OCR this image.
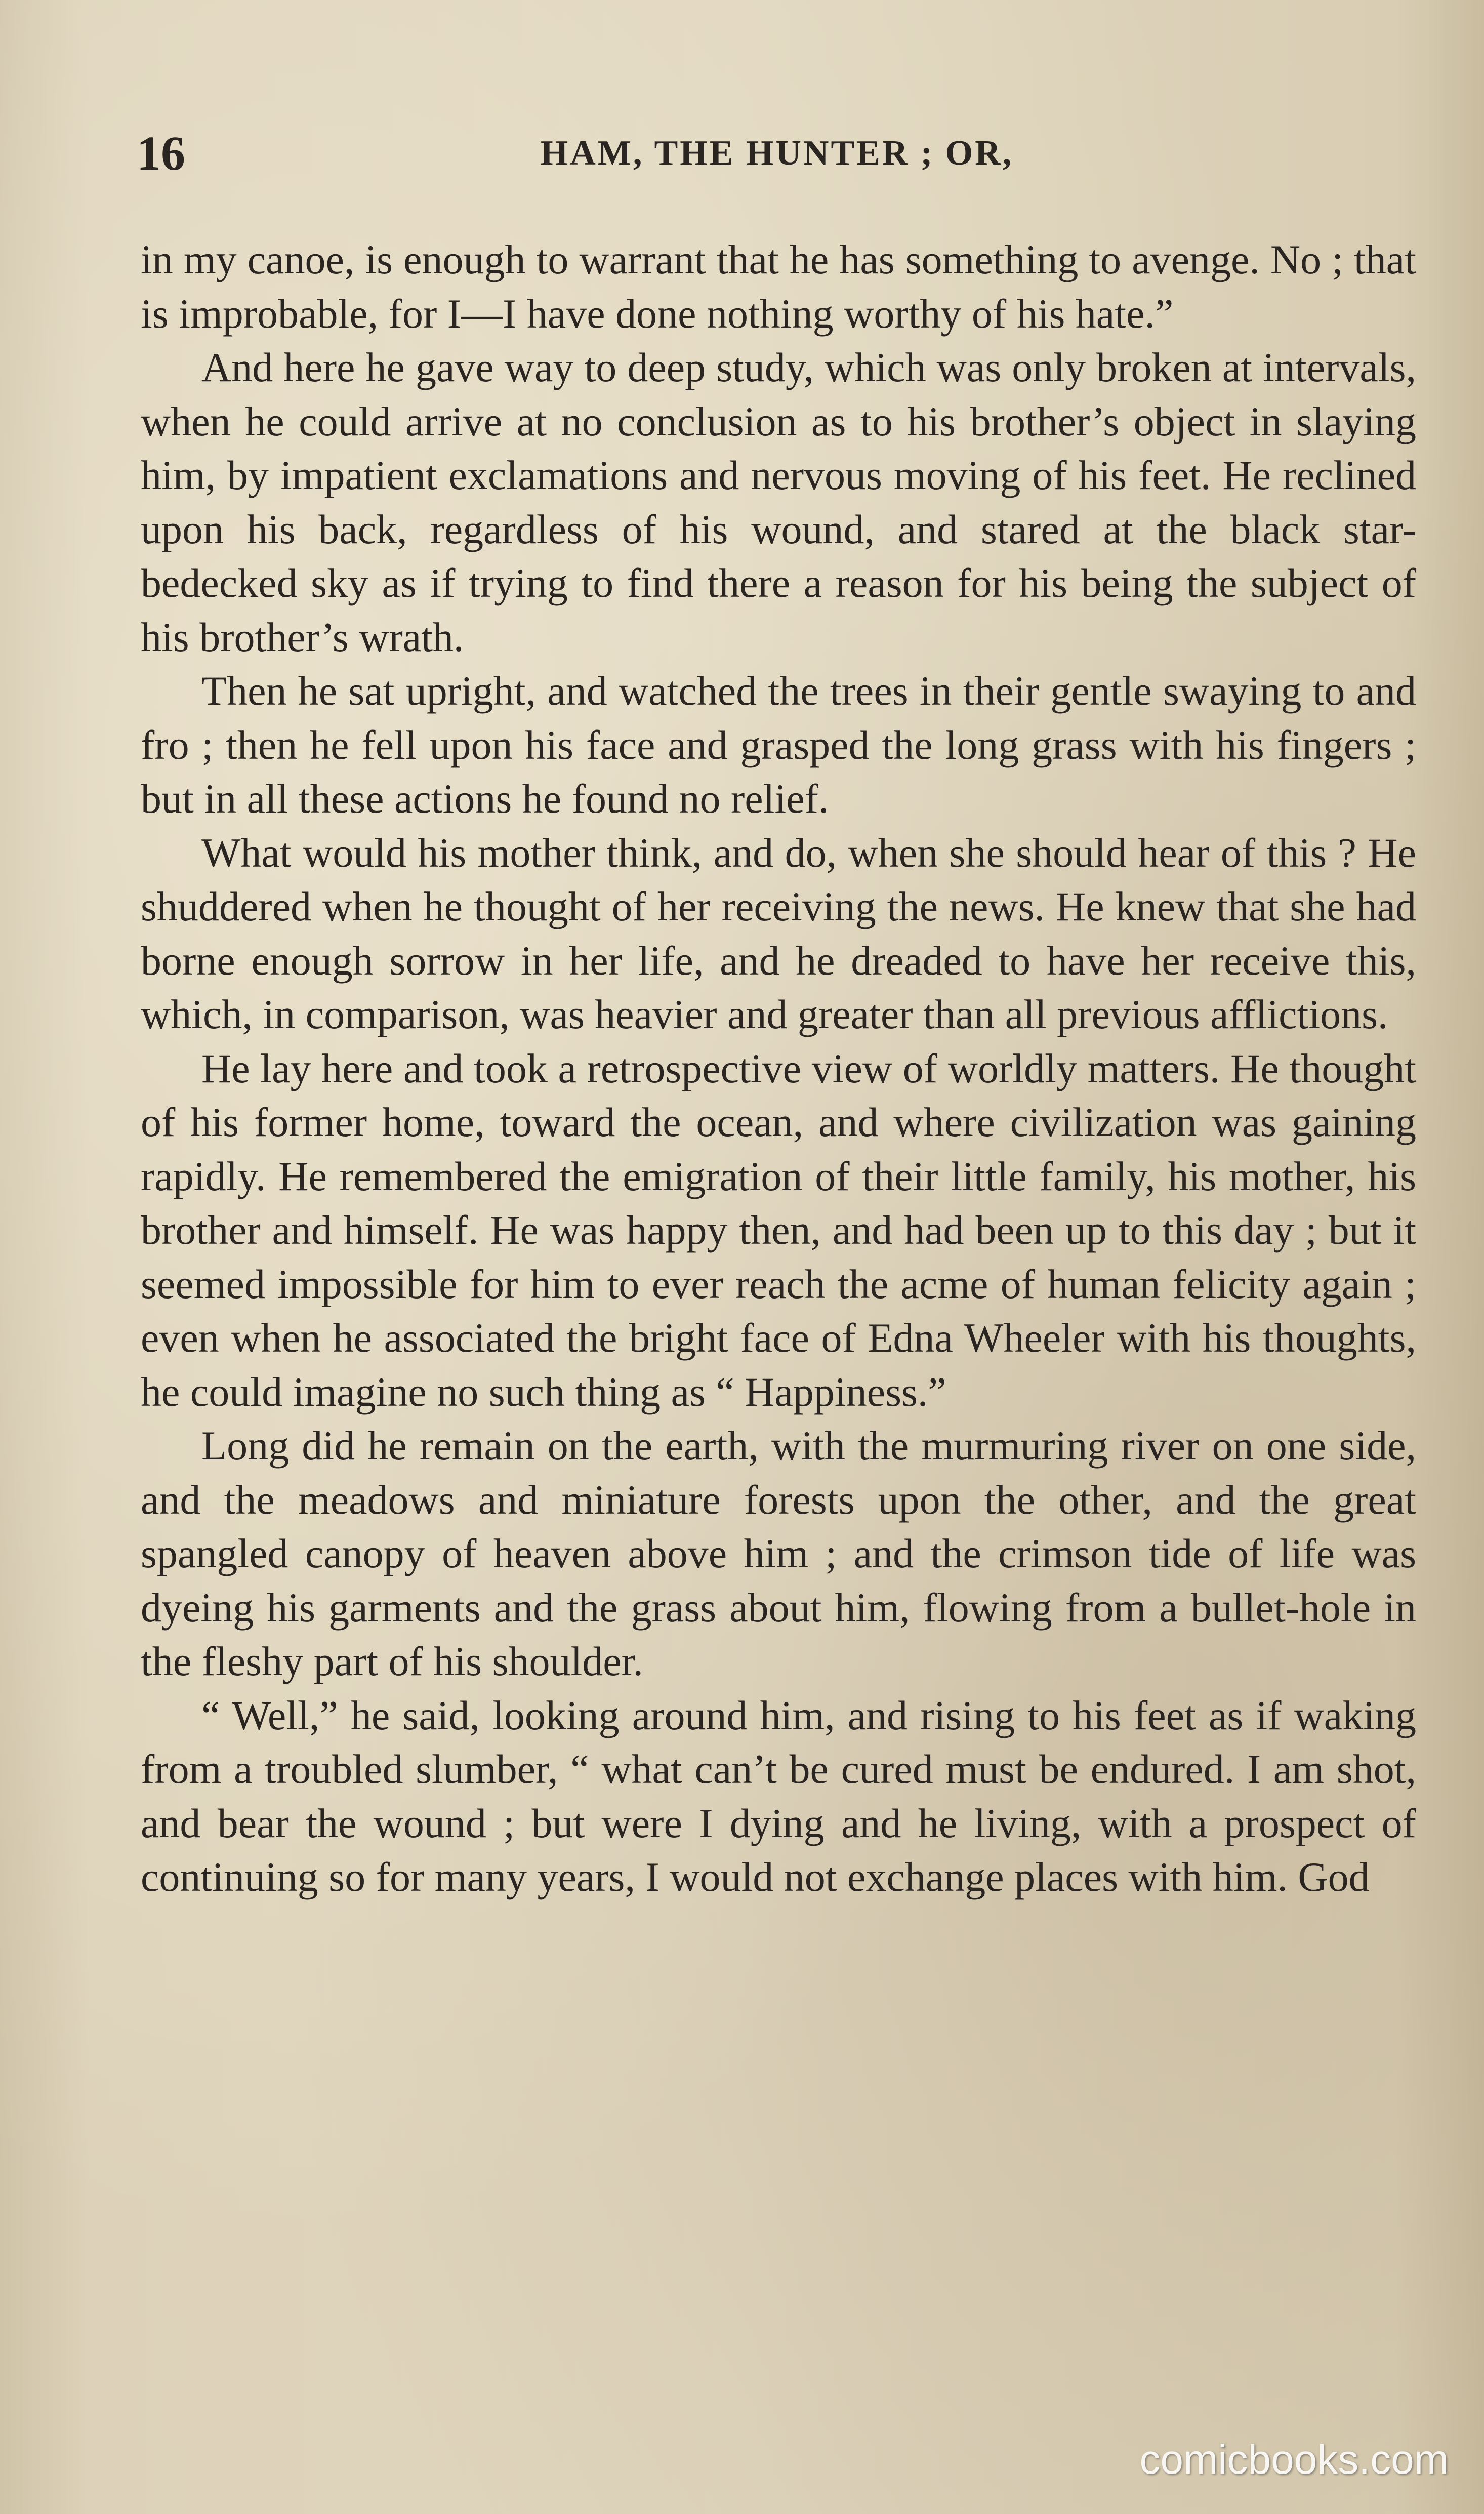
16	HAM, THE HUNTER ; OR,

in my canoe, is enough to warrant that he has something to avenge. No ; that is improbable, for I—I have done nothing worthy of his hate.”

And here he gave way to deep study, which was only broken at intervals, when he could arrive at no conclusion as to his brother’s object in slaying him, by impatient exclamations and nervous moving of his feet. He reclined upon his back, regardless of his wound, and stared at the black star-bedecked sky as if trying to find there a reason for his being the subject of his brother’s wrath.

Then he sat upright, and watched the trees in their gentle swaying to and fro ; then he fell upon his face and grasped the long grass with his fingers ; but in all these actions he found no relief.

What would his mother think, and do, when she should hear of this ? He shuddered when he thought of her receiving the news. He knew that she had borne enough sorrow in her life, and he dreaded to have her receive this, which, in comparison, was heavier and greater than all previous afflictions.

He lay here and took a retrospective view of worldly matters. He thought of his former home, toward the ocean, and where civilization was gaining rapidly. He remembered the emigration of their little family, his mother, his brother and himself. He was happy then, and had been up to this day ; but it seemed impossible for him to ever reach the acme of human felicity again ; even when he associated the bright face of Edna Wheeler with his thoughts, he could imagine no such thing as “ Happiness.”

Long did he remain on the earth, with the murmuring river on one side, and the meadows and miniature forests upon the other, and the great spangled canopy of heaven above him ; and the crimson tide of life was dyeing his garments and the grass about him, flowing from a bullet-hole in the fleshy part of his shoulder.

“ Well,” he said, looking around him, and rising to his feet as if waking from a troubled slumber, “ what can’t be cured must be endured. I am shot, and bear the wound ; but were I dying and he living, with a prospect of continuing so for many years, I would not exchange places with him. God

comicbooks.com
